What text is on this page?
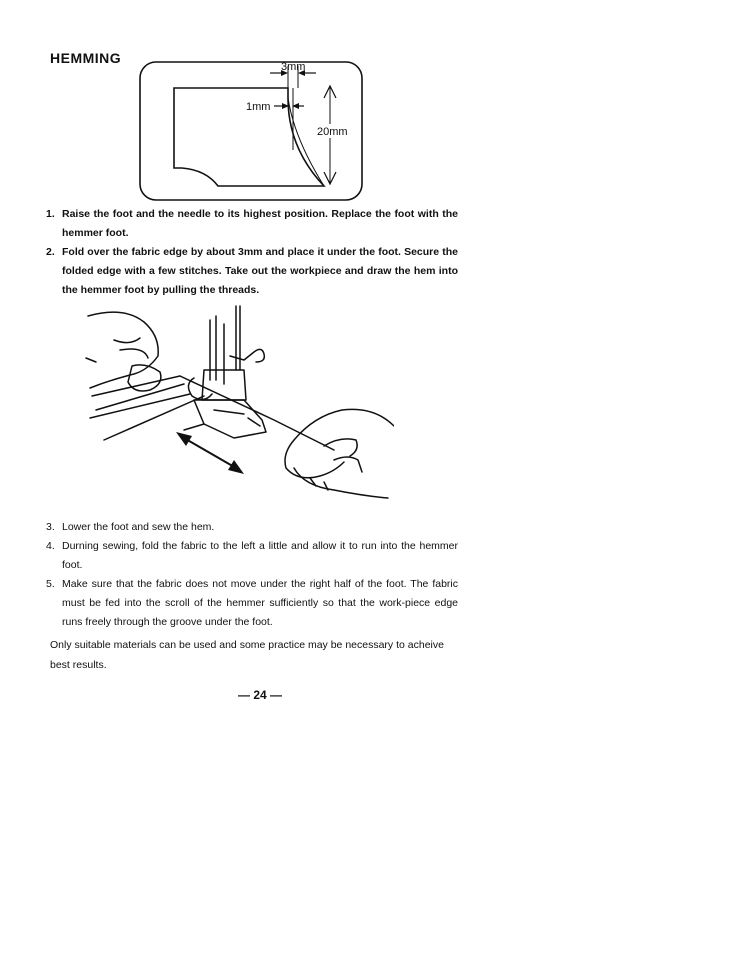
HEMMING
3mm
1mm
20mm
1. Raise the foot and the needle to its highest position. Replace the foot with the hemmer foot.
2. Fold over the fabric edge by about 3mm and place it under the foot. Secure the folded edge with a few stitches. Take out the workpiece and draw the hem into the hemmer foot by pulling the threads.
3. Lower the foot and sew the hem.
4. Durning sewing, fold the fabric to the left a little and allow it to run into the hemmer foot.
5. Make sure that the fabric does not move under the right half of the foot. The fabric must be fed into the scroll of the hemmer sufficiently so that the work-piece edge runs freely through the groove under the foot.
Only suitable materials can be used and some practice may be necessary to acheive best results.
— 24 —
